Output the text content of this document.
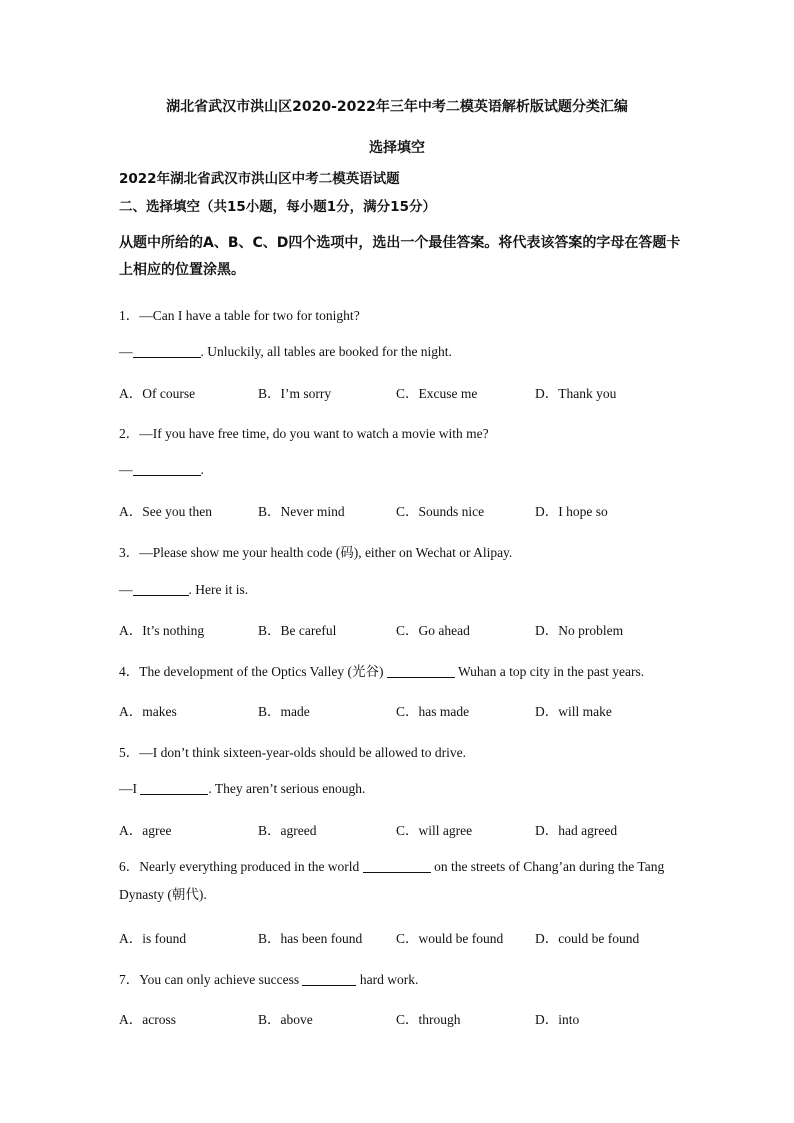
湖北省武汉市洪山区2020-2022年三年中考二模英语解析版试题分类汇编
选择填空
2022年湖北省武汉市洪山区中考二模英语试题
二、选择填空（共15小题，每小题1分，满分15分）
从题中所给的A、B、C、D四个选项中，选出一个最佳答案。将代表该答案的字母在答题卡上相应的位置涂黑。
1．—Can I have a table for two for tonight?
—	. Unluckily, all tables are booked for the night.
A．Of course	B．I’m sorry	C．Excuse me	D．Thank you
2．—If you have free time, do you want to watch a movie with me?
—	.
A．See you then	B．Never mind	C．Sounds nice	D．I hope so
3．—Please show me your health code (码), either on Wechat or Alipay.
—	. Here it is.
A．It’s nothing	B．Be careful	C．Go ahead	D．No problem
4．The development of the Optics Valley (光谷)	Wuhan a top city in the past years.
A．makes	B．made	C．has made	D．will make
5．—I don’t think sixteen-year-olds should be allowed to drive.
—I	. They aren’t serious enough.
A．agree	B．agreed	C．will agree	D．had agreed
6．Nearly everything produced in the world	on the streets of Chang’an during the Tang Dynasty (朝代).
A．is found	B．has been found	C．would be found D．could be found
7．You can only achieve success	hard work.
A．across	B．above	C．through	D．into
